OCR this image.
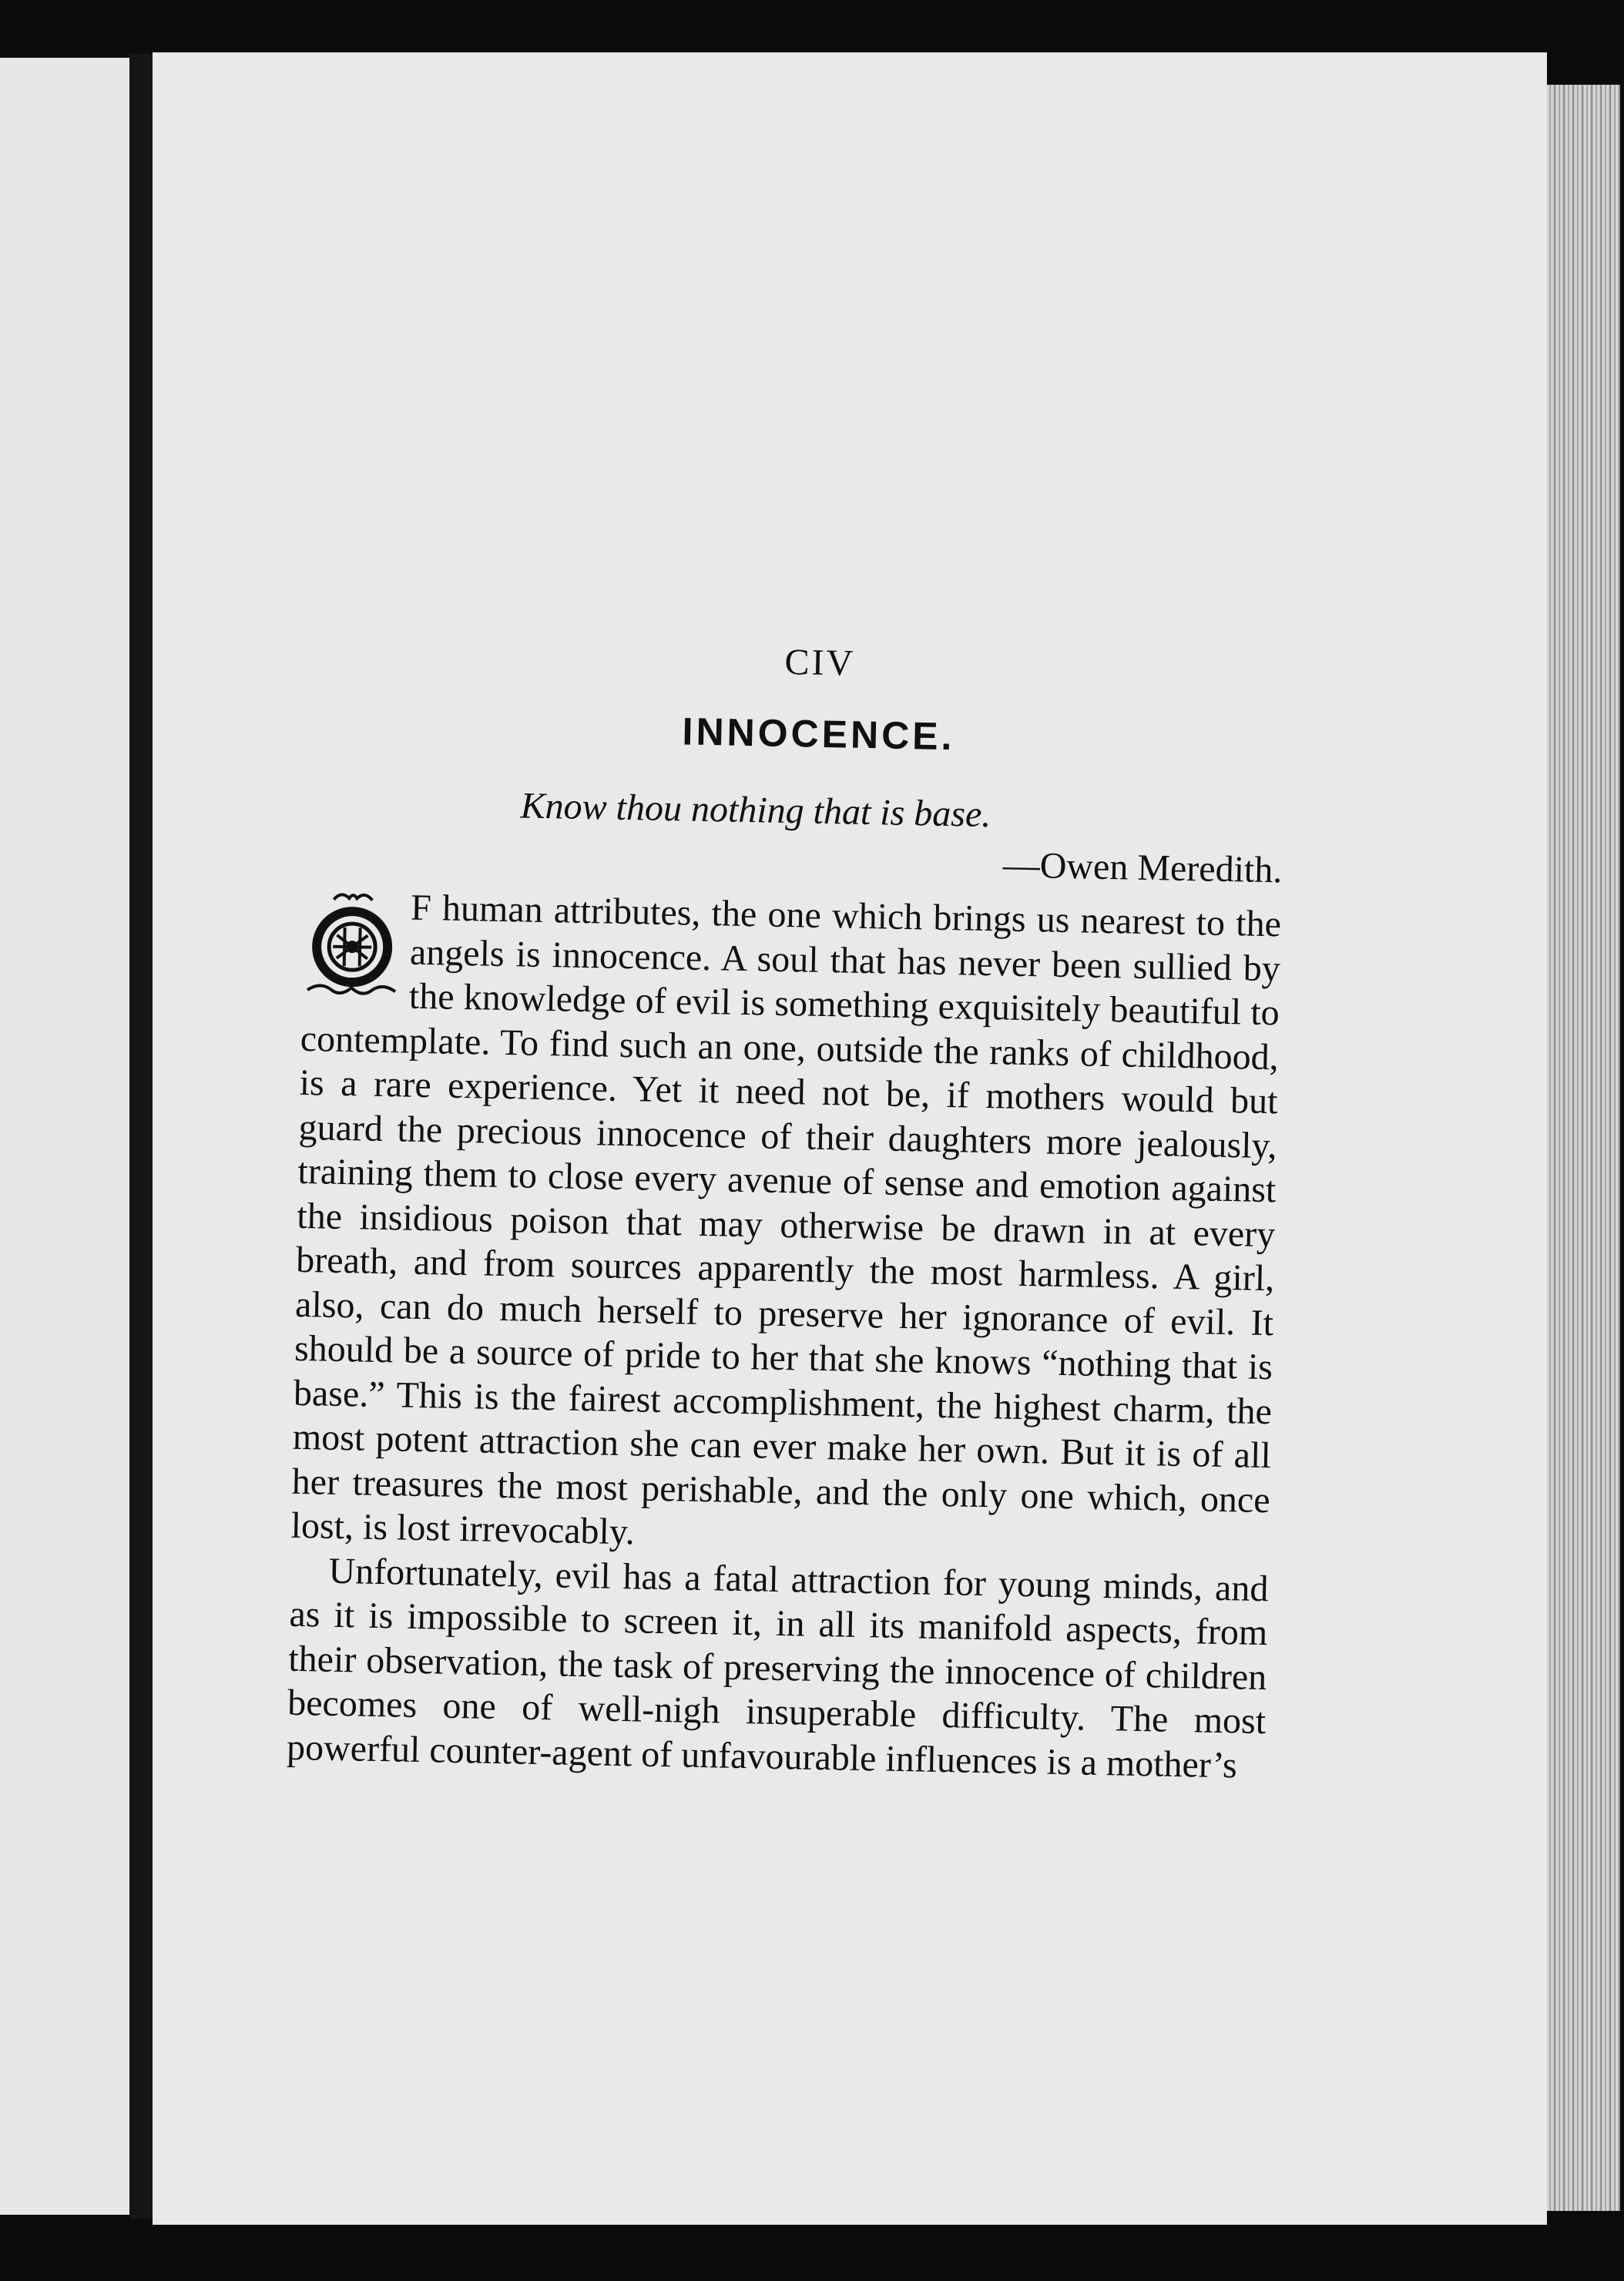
CIV
INNOCENCE.
Know thou nothing that is base.
—Owen Meredith.

O	F human attributes, the one which brings us nearest to the angels is innocence. A soul that has never been sullied by the knowledge of evil is something exquisitely beautiful to contemplate. To find such an one, outside the ranks of childhood, is a rare experience. Yet it need not be, if mothers would but guard the precious innocence of their daughters more jealously, training them to close every avenue of sense and emotion against the insidious poison that may otherwise be drawn in at every breath, and from sources apparently the most harmless. A girl, also, can do much herself to preserve her ignorance of evil. It should be a source of pride to her that she knows “nothing that is base.” This is the fairest accomplishment, the highest charm, the most potent attraction she can ever make her own. But it is of all her treasures the most perishable, and the only one which, once lost, is lost irrevocably.

Unfortunately, evil has a fatal attraction for young minds, and as it is impossible to screen it, in all its manifold aspects, from their observation, the task of preserving the innocence of children becomes one of well-nigh insuperable difficulty. The most powerful counter-agent of unfavourable influences is a mother’s
